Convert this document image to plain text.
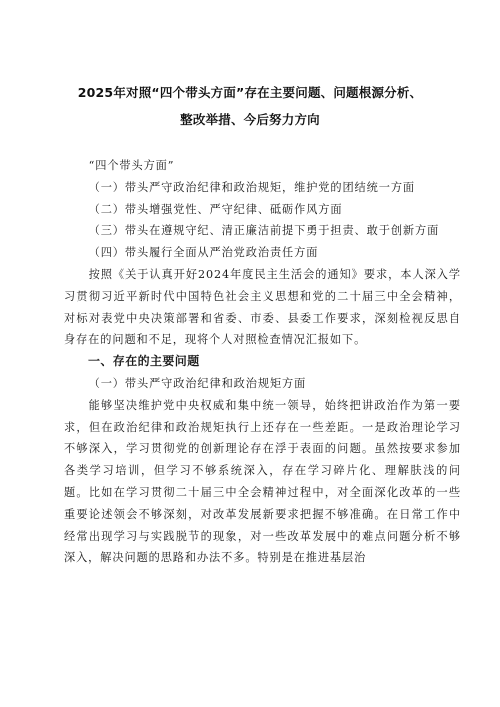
2025年对照“四个带头方面”存在主要问题、问题根源分析、
整改举措、今后努力方向

“四个带头方面”

（一）带头严守政治纪律和政治规矩，维护党的团结统一方面

（二）带头增强党性、严守纪律、砥砺作风方面

（三）带头在遵规守纪、清正廉洁前提下勇于担责、敢于创新方面

（四）带头履行全面从严治党政治责任方面

按照《关于认真开好2024年度民主生活会的通知》要求，本人深入学习贯彻习近平新时代中国特色社会主义思想和党的二十届三中全会精神，对标对表党中央决策部署和省委、市委、县委工作要求，深刻检视反思自身存在的问题和不足，现将个人对照检查情况汇报如下。

一、存在的主要问题

（一）带头严守政治纪律和政治规矩方面

能够坚决维护党中央权威和集中统一领导，始终把讲政治作为第一要求，但在政治纪律和政治规矩执行上还存在一些差距。一是政治理论学习不够深入，学习贯彻党的创新理论存在浮于表面的问题。虽然按要求参加各类学习培训，但学习不够系统深入，存在学习碎片化、理解肤浅的问题。比如在学习贯彻二十届三中全会精神过程中，对全面深化改革的一些重要论述领会不够深刻，对改革发展新要求把握不够准确。在日常工作中经常出现学习与实践脱节的现象，对一些改革发展中的难点问题分析不够深入，解决问题的思路和办法不多。特别是在推进基层治
